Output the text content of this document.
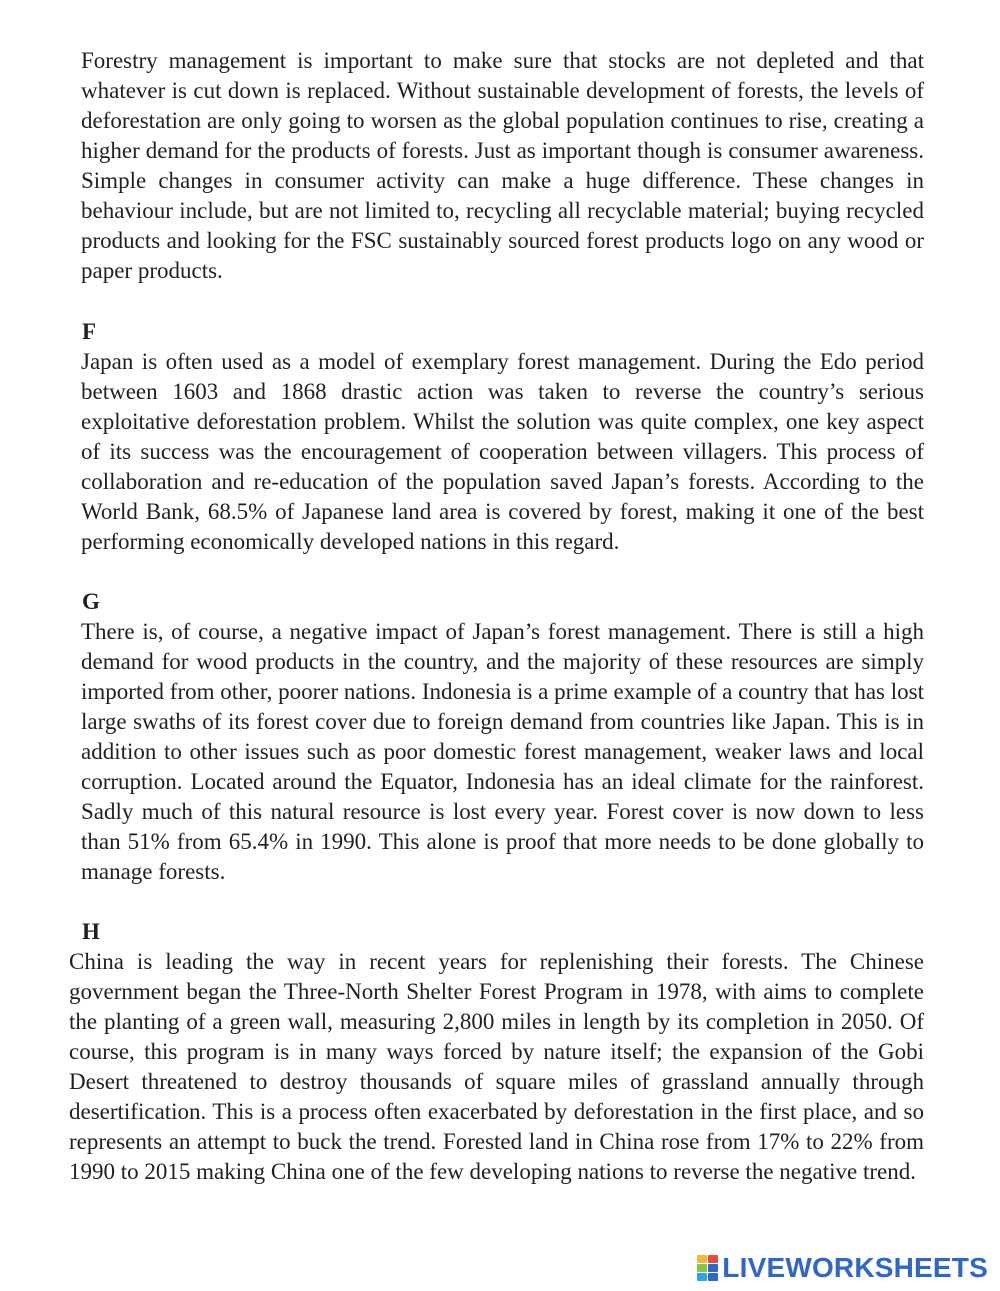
Forestry management is important to make sure that stocks are not depleted and that whatever is cut down is replaced. Without sustainable development of forests, the levels of deforestation are only going to worsen as the global population continues to rise, creating a higher demand for the products of forests. Just as important though is consumer awareness. Simple changes in consumer activity can make a huge difference. These changes in behaviour include, but are not limited to, recycling all recyclable material; buying recycled products and looking for the FSC sustainably sourced forest products logo on any wood or paper products.

F

Japan is often used as a model of exemplary forest management. During the Edo period between 1603 and 1868 drastic action was taken to reverse the country’s serious exploitative deforestation problem. Whilst the solution was quite complex, one key aspect of its success was the encouragement of cooperation between villagers. This process of collaboration and re-education of the population saved Japan’s forests. According to the World Bank, 68.5% of Japanese land area is covered by forest, making it one of the best performing economically developed nations in this regard.

G

There is, of course, a negative impact of Japan’s forest management. There is still a high demand for wood products in the country, and the majority of these resources are simply imported from other, poorer nations. Indonesia is a prime example of a country that has lost large swaths of its forest cover due to foreign demand from countries like Japan. This is in addition to other issues such as poor domestic forest management, weaker laws and local corruption. Located around the Equator, Indonesia has an ideal climate for the rainforest. Sadly much of this natural resource is lost every year. Forest cover is now down to less than 51% from 65.4% in 1990. This alone is proof that more needs to be done globally to manage forests.

H

China is leading the way in recent years for replenishing their forests. The Chinese government began the Three-North Shelter Forest Program in 1978, with aims to complete the planting of a green wall, measuring 2,800 miles in length by its completion in 2050. Of course, this program is in many ways forced by nature itself; the expansion of the Gobi Desert threatened to destroy thousands of square miles of grassland annually through desertification. This is a process often exacerbated by deforestation in the first place, and so represents an attempt to buck the trend. Forested land in China rose from 17% to 22% from 1990 to 2015 making China one of the few developing nations to reverse the negative trend.

LIVEWORKSHEETS
